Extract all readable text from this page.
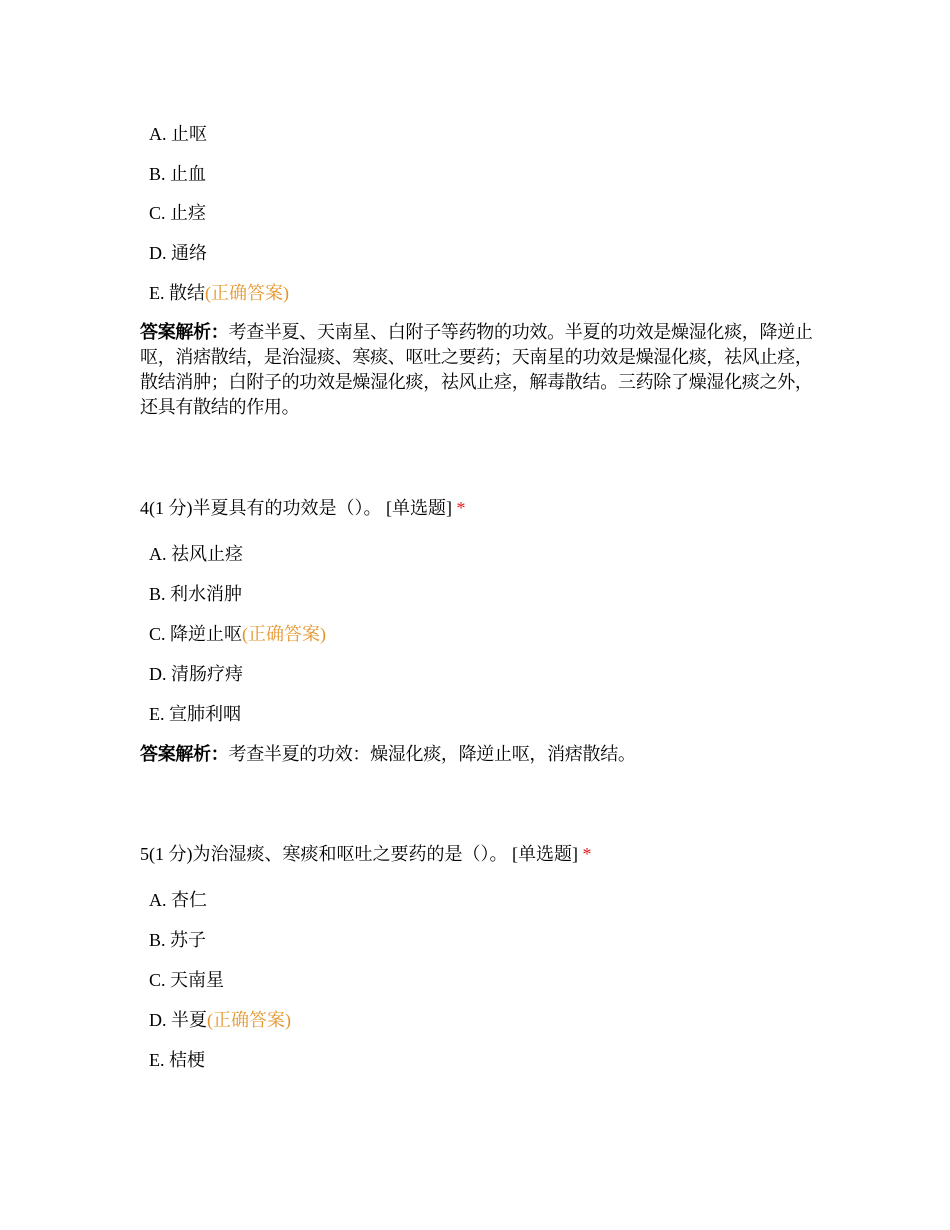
A. 止呕
B. 止血
C. 止痉
D. 通络
E. 散结(正确答案)
答案解析：考查半夏、天南星、白附子等药物的功效。半夏的功效是燥湿化痰，降逆止呕，消痞散结，是治湿痰、寒痰、呕吐之要药；天南星的功效是燥湿化痰，祛风止痉，散结消肿；白附子的功效是燥湿化痰，祛风止痉，解毒散结。三药除了燥湿化痰之外，还具有散结的作用。
4(1 分)半夏具有的功效是（）。 [单选题] *
A. 祛风止痉
B. 利水消肿
C. 降逆止呕(正确答案)
D. 清肠疗痔
E. 宣肺利咽
答案解析：考查半夏的功效：燥湿化痰，降逆止呕，消痞散结。
5(1 分)为治湿痰、寒痰和呕吐之要药的是（）。 [单选题] *
A. 杏仁
B. 苏子
C. 天南星
D. 半夏(正确答案)
E. 桔梗
